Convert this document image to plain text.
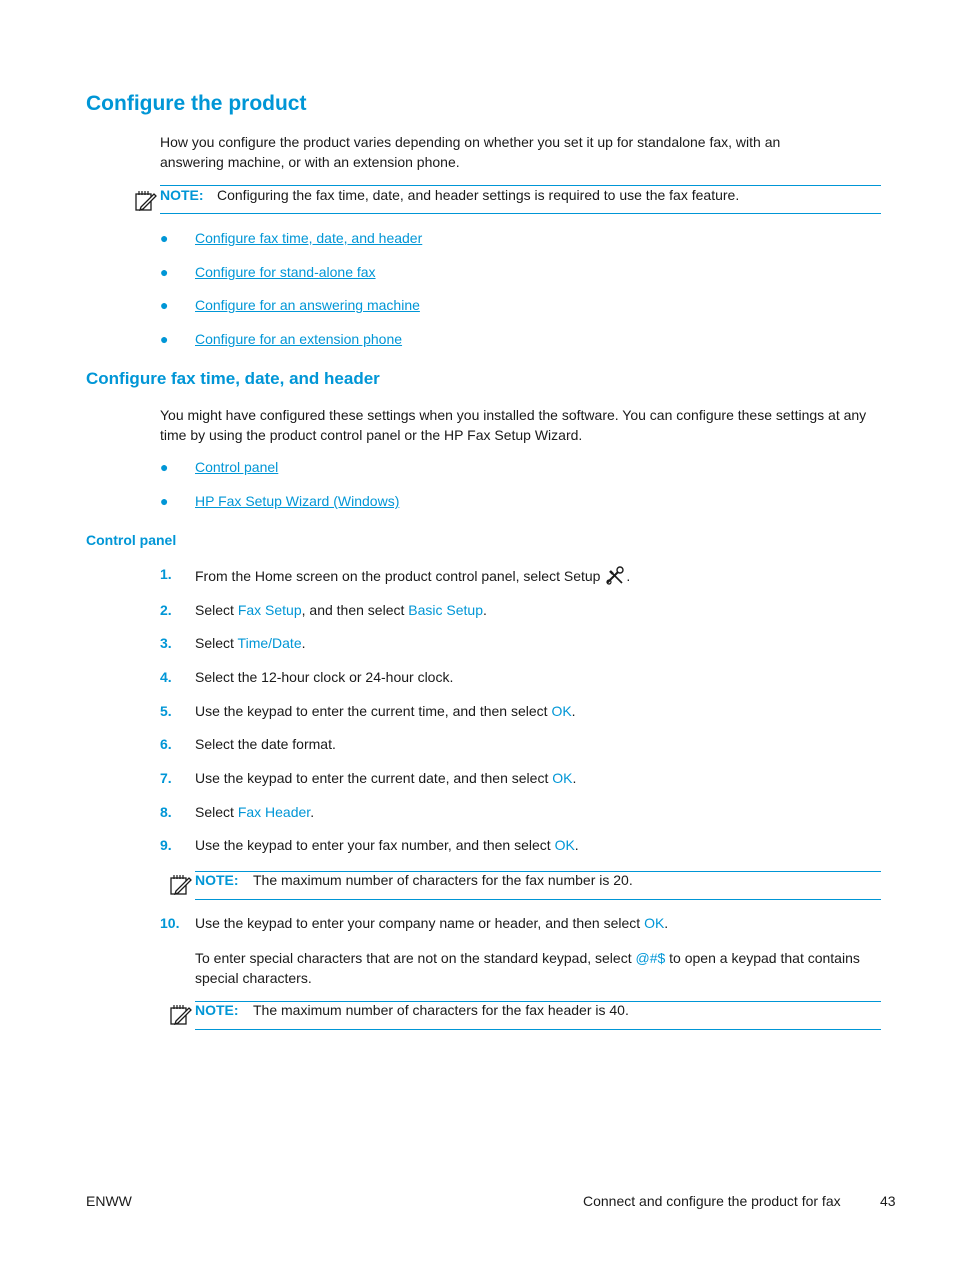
Configure the product
How you configure the product varies depending on whether you set it up for standalone fax, with an answering machine, or with an extension phone.
NOTE: Configuring the fax time, date, and header settings is required to use the fax feature.
● Configure fax time, date, and header
● Configure for stand-alone fax
● Configure for an answering machine
● Configure for an extension phone
Configure fax time, date, and header
You might have configured these settings when you installed the software. You can configure these settings at any time by using the product control panel or the HP Fax Setup Wizard.
● Control panel
● HP Fax Setup Wizard (Windows)
Control panel
1. From the Home screen on the product control panel, select Setup .
2. Select Fax Setup, and then select Basic Setup.
3. Select Time/Date.
4. Select the 12-hour clock or 24-hour clock.
5. Use the keypad to enter the current time, and then select OK.
6. Select the date format.
7. Use the keypad to enter the current date, and then select OK.
8. Select Fax Header.
9. Use the keypad to enter your fax number, and then select OK.
NOTE: The maximum number of characters for the fax number is 20.
10. Use the keypad to enter your company name or header, and then select OK.
To enter special characters that are not on the standard keypad, select @#$ to open a keypad that contains special characters.
NOTE: The maximum number of characters for the fax header is 40.
ENWW	Connect and configure the product for fax	43
